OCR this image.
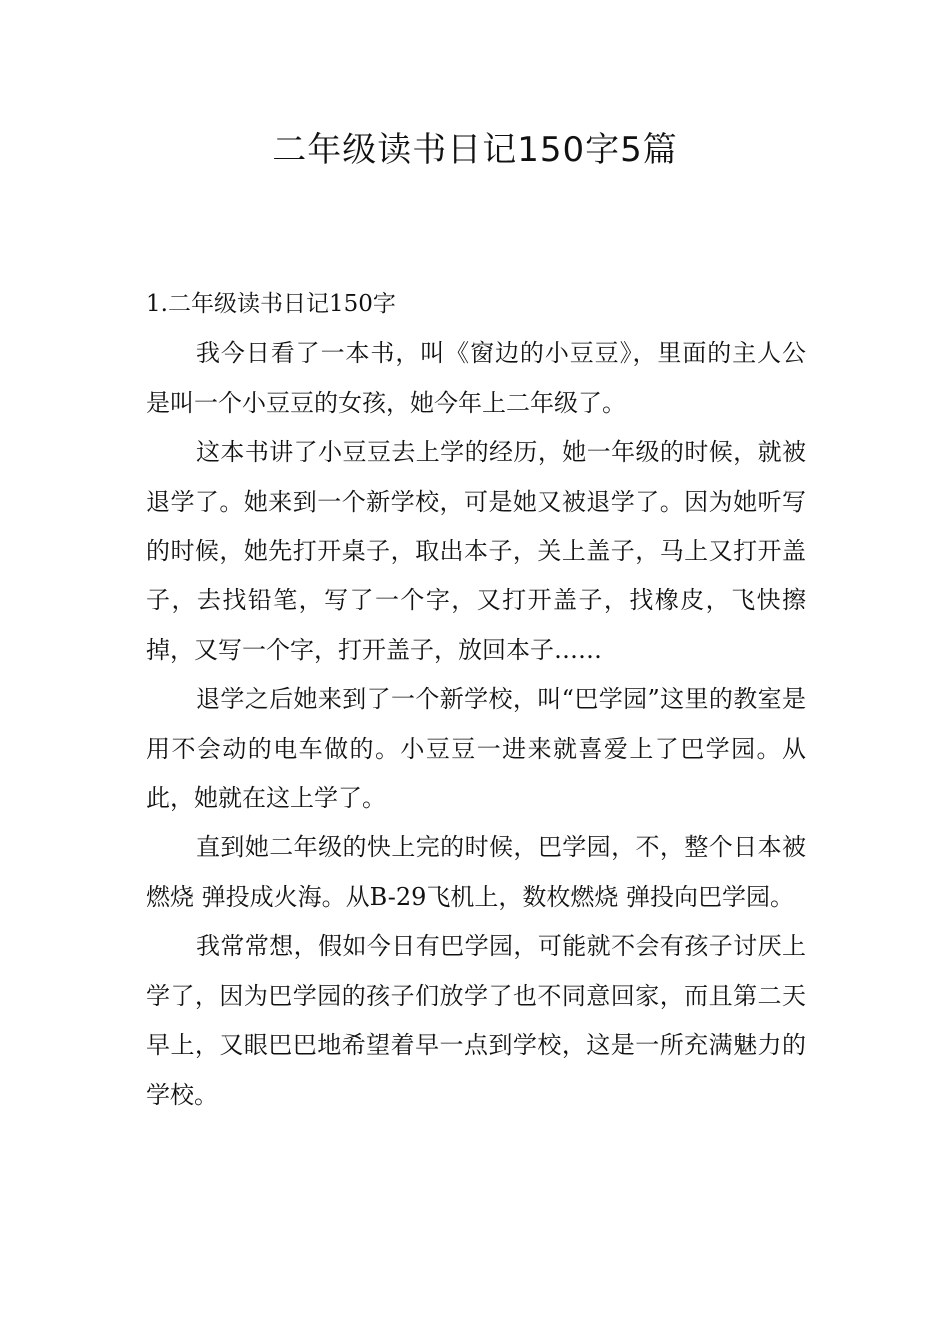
二年级读书日记150字5篇
1.二年级读书日记150字

我今日看了一本书，叫《窗边的小豆豆》，里面的主人公是叫一个小豆豆的女孩，她今年上二年级了。

这本书讲了小豆豆去上学的经历，她一年级的时候，就被退学了。她来到一个新学校，可是她又被退学了。因为她听写的时候，她先打开桌子，取出本子，关上盖子，马上又打开盖子，去找铅笔，写了一个字，又打开盖子，找橡皮，飞快擦掉，又写一个字，打开盖子，放回本子……

退学之后她来到了一个新学校，叫“巴学园”这里的教室是用不会动的电车做的。小豆豆一进来就喜爱上了巴学园。从此，她就在这上学了。

直到她二年级的快上完的时候，巴学园，不，整个日本被燃烧 弹投成火海。从B-29飞机上，数枚燃烧 弹投向巴学园。

我常常想，假如今日有巴学园，可能就不会有孩子讨厌上学了，因为巴学园的孩子们放学了也不同意回家，而且第二天早上，又眼巴巴地希望着早一点到学校，这是一所充满魅力的学校。
